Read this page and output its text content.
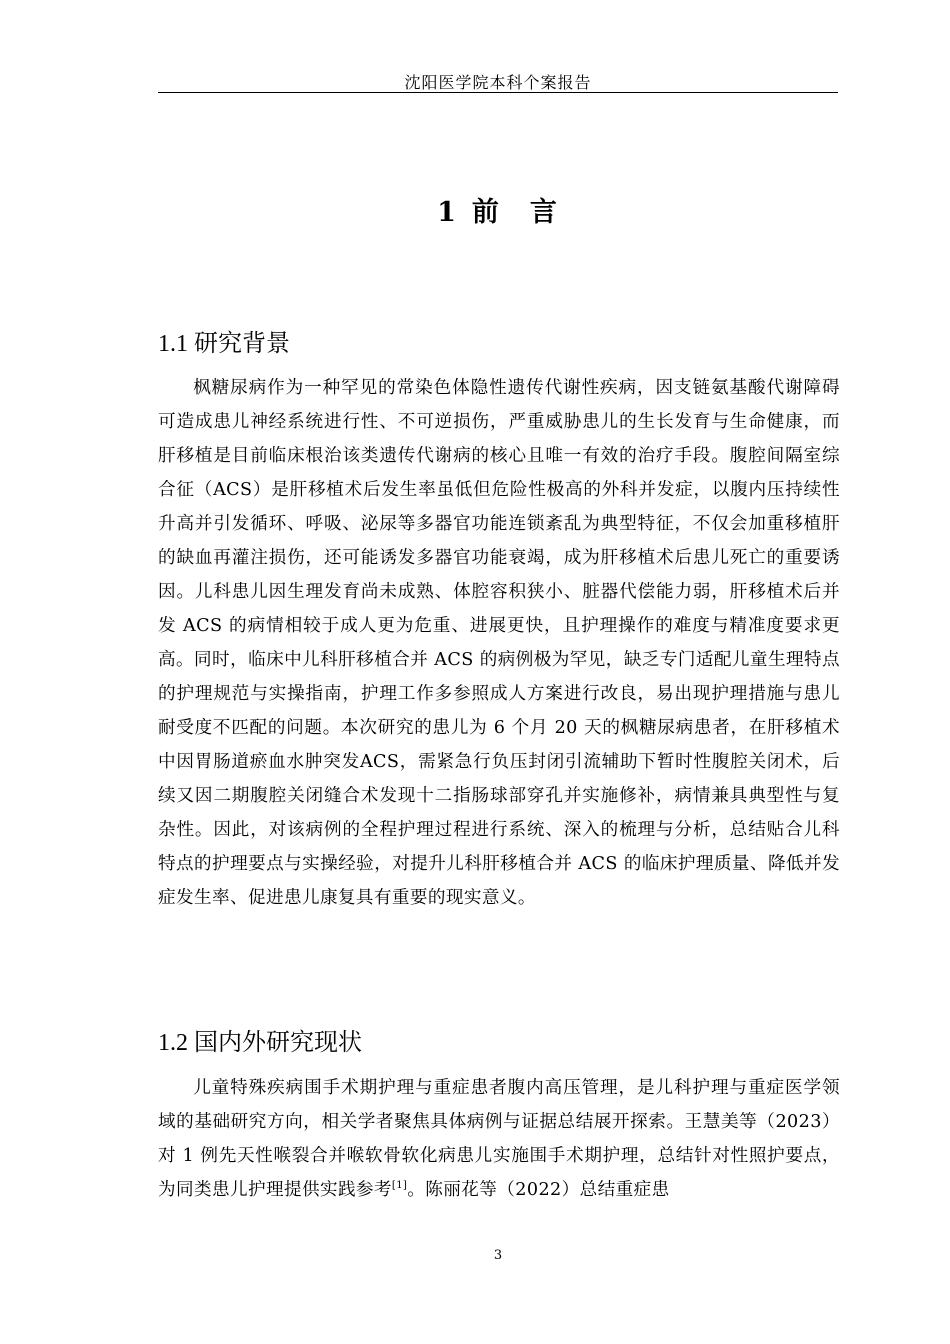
沈阳医学院本科个案报告
1 前　言
1.1 研究背景

枫糖尿病作为一种罕见的常染色体隐性遗传代谢性疾病，因支链氨基酸代谢障碍可造成患儿神经系统进行性、不可逆损伤，严重威胁患儿的生长发育与生命健康，而肝移植是目前临床根治该类遗传代谢病的核心且唯一有效的治疗手段。腹腔间隔室综合征（ACS）是肝移植术后发生率虽低但危险性极高的外科并发症，以腹内压持续性升高并引发循环、呼吸、泌尿等多器官功能连锁紊乱为典型特征，不仅会加重移植肝的缺血再灌注损伤，还可能诱发多器官功能衰竭，成为肝移植术后患儿死亡的重要诱因。儿科患儿因生理发育尚未成熟、体腔容积狭小、脏器代偿能力弱，肝移植术后并发 ACS 的病情相较于成人更为危重、进展更快，且护理操作的难度与精准度要求更高。同时，临床中儿科肝移植合并 ACS 的病例极为罕见，缺乏专门适配儿童生理特点的护理规范与实操指南，护理工作多参照成人方案进行改良，易出现护理措施与患儿耐受度不匹配的问题。本次研究的患儿为 6 个月 20 天的枫糖尿病患者，在肝移植术中因胃肠道瘀血水肿突发ACS，需紧急行负压封闭引流辅助下暂时性腹腔关闭术，后续又因二期腹腔关闭缝合术发现十二指肠球部穿孔并实施修补，病情兼具典型性与复杂性。因此，对该病例的全程护理过程进行系统、深入的梳理与分析，总结贴合儿科特点的护理要点与实操经验，对提升儿科肝移植合并 ACS 的临床护理质量、降低并发症发生率、促进患儿康复具有重要的现实意义。

1.2 国内外研究现状

儿童特殊疾病围手术期护理与重症患者腹内高压管理，是儿科护理与重症医学领域的基础研究方向，相关学者聚焦具体病例与证据总结展开探索。王慧美等（2023）对 1 例先天性喉裂合并喉软骨软化病患儿实施围手术期护理，总结针对性照护要点，为同类患儿护理提供实践参考[1]。陈丽花等（2022）总结重症患

3
